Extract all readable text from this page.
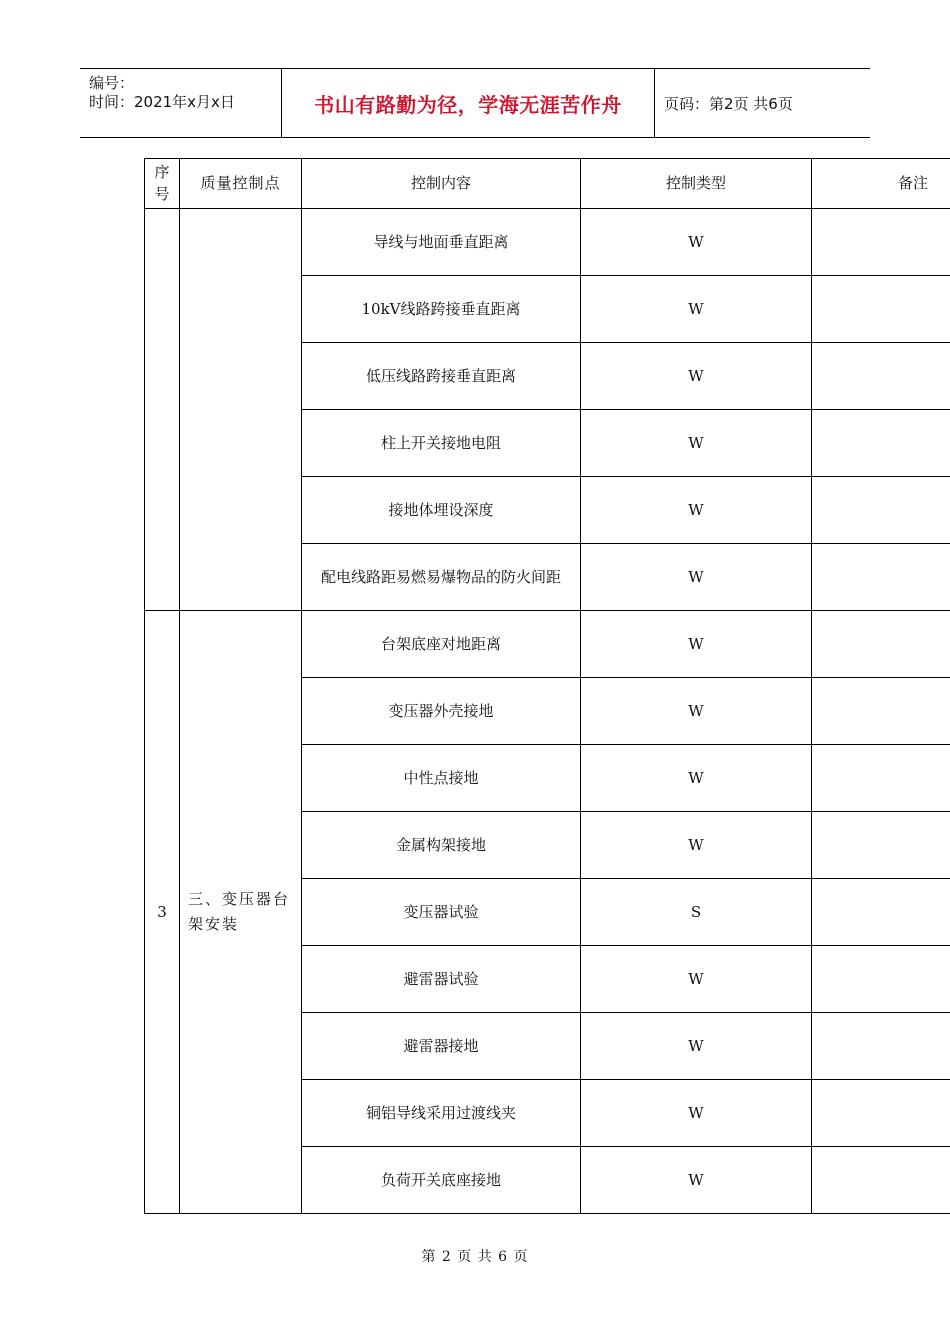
编号：
时间：2021年x月x日	书山有路勤为径，学海无涯苦作舟	页码：第2页 共6页
序号	质量控制点	控制内容	控制类型	备注
		导线与地面垂直距离	W	
		10kV线路跨接垂直距离	W	
		低压线路跨接垂直距离	W	
		柱上开关接地电阻	W	
		接地体埋设深度	W	
		配电线路距易燃易爆物品的防火间距	W	
3	三、变压器台架安装	台架底座对地距离	W	
		变压器外壳接地	W	
		中性点接地	W	
		金属构架接地	W	
		变压器试验	S	
		避雷器试验	W	
		避雷器接地	W	
		铜铝导线采用过渡线夹	W	
		负荷开关底座接地	W	
第 2 页 共 6 页
